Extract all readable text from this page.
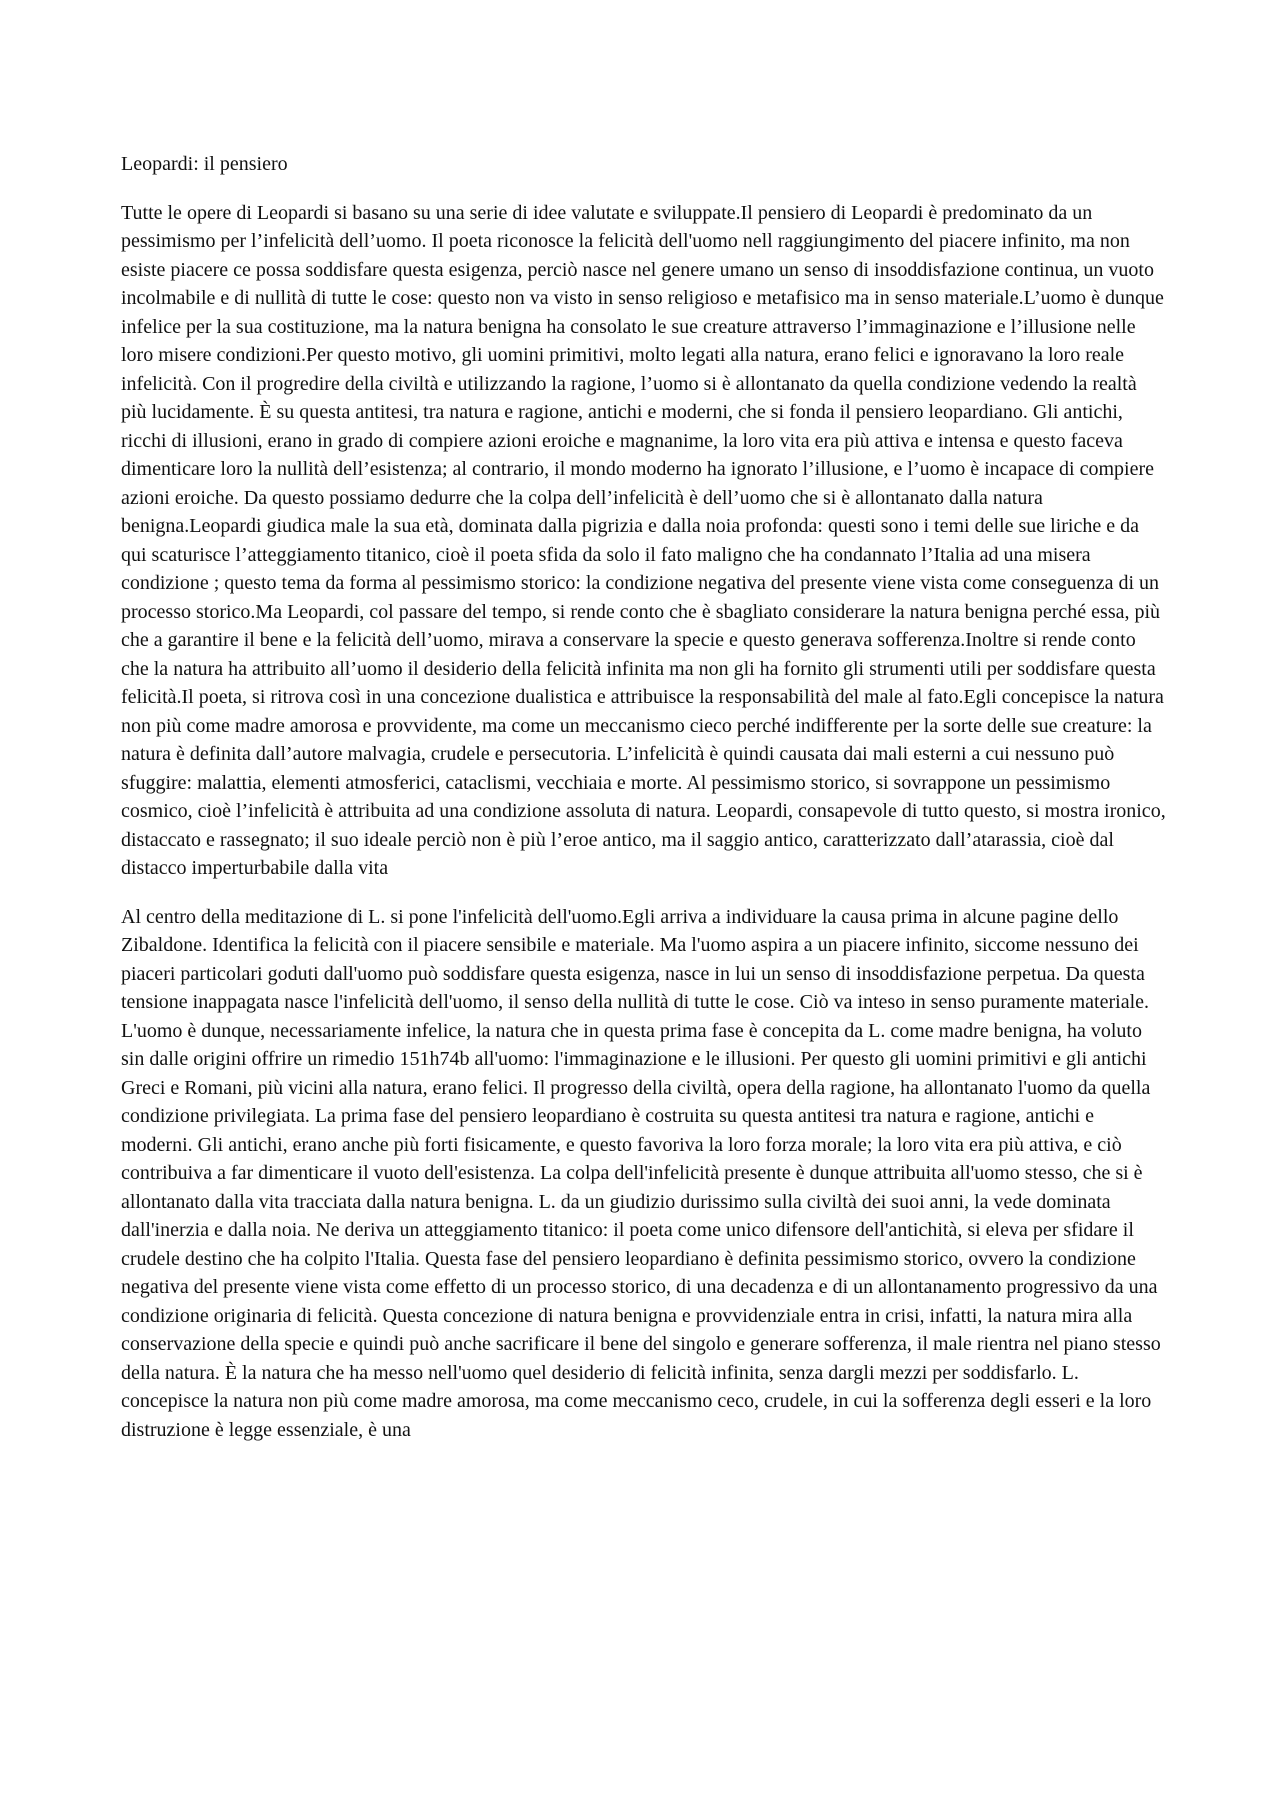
Leopardi: il pensiero
Tutte le opere di Leopardi si basano su una serie di idee valutate e sviluppate.Il pensiero di Leopardi è predominato da un pessimismo per l’infelicità dell’uomo. Il poeta riconosce la felicità dell'uomo nell raggiungimento del piacere infinito, ma non esiste piacere ce possa soddisfare questa esigenza, perciò nasce nel genere umano un senso di insoddisfazione continua, un vuoto incolmabile e di nullità di tutte le cose: questo non va visto in senso religioso e metafisico ma in senso materiale.L’uomo è dunque infelice per la sua costituzione, ma la natura benigna ha consolato le sue creature attraverso l’immaginazione e l’illusione nelle loro misere condizioni.Per questo motivo, gli uomini primitivi, molto legati alla natura, erano felici e ignoravano la loro reale infelicità. Con il progredire della civiltà e utilizzando la ragione, l’uomo si è allontanato da quella condizione vedendo la realtà più lucidamente. È su questa antitesi, tra natura e ragione, antichi e moderni, che si fonda il pensiero leopardiano. Gli antichi, ricchi di illusioni, erano in grado di compiere azioni eroiche e magnanime, la loro vita era più attiva e intensa e questo faceva dimenticare loro la nullità dell’esistenza; al contrario, il mondo moderno ha ignorato l’illusione, e l’uomo è incapace di compiere azioni eroiche. Da questo possiamo dedurre che la colpa dell’infelicità è dell’uomo che si è allontanato dalla natura benigna.Leopardi giudica male la sua età, dominata dalla pigrizia e dalla noia profonda: questi sono i temi delle sue liriche e da qui scaturisce l’atteggiamento titanico, cioè il poeta sfida da solo il fato maligno che ha condannato l’Italia ad una misera condizione ; questo tema da forma al pessimismo storico: la condizione negativa del presente viene vista come conseguenza di un processo storico.Ma Leopardi, col passare del tempo, si rende conto che è sbagliato considerare la natura benigna perché essa, più che a garantire il bene e la felicità dell’uomo, mirava a conservare la specie e questo generava sofferenza.Inoltre si rende conto che la natura ha attribuito all’uomo il desiderio della felicità infinita ma non gli ha fornito gli strumenti utili per soddisfare questa felicità.Il poeta, si ritrova così in una concezione dualistica e attribuisce la responsabilità del male al fato.Egli concepisce la natura non più come madre amorosa e provvidente, ma come un meccanismo cieco perché indifferente per la sorte delle sue creature: la natura è definita dall’autore malvagia, crudele e persecutoria. L’infelicità è quindi causata dai mali esterni a cui nessuno può sfuggire: malattia, elementi atmosferici, cataclismi, vecchiaia e morte. Al pessimismo storico, si sovrappone un pessimismo cosmico, cioè l’infelicità è attribuita ad una condizione assoluta di natura. Leopardi, consapevole di tutto questo, si mostra ironico, distaccato e rassegnato; il suo ideale perciò non è più l’eroe antico, ma il saggio antico, caratterizzato dall’atarassia, cioè dal distacco imperturbabile dalla vita
Al centro della meditazione di L. si pone l'infelicità dell'uomo.Egli arriva a individuare la causa prima in alcune pagine dello Zibaldone. Identifica la felicità con il piacere sensibile e materiale. Ma l'uomo aspira a un piacere infinito, siccome nessuno dei piaceri particolari goduti dall'uomo può soddisfare questa esigenza, nasce in lui un senso di insoddisfazione perpetua. Da questa tensione inappagata nasce l'infelicità dell'uomo, il senso della nullità di tutte le cose. Ciò va inteso in senso puramente materiale. L'uomo è dunque, necessariamente infelice, la natura che in questa prima fase è concepita da L. come madre benigna, ha voluto sin dalle origini offrire un rimedio 151h74b all'uomo: l'immaginazione e le illusioni. Per questo gli uomini primitivi e gli antichi Greci e Romani, più vicini alla natura, erano felici. Il progresso della civiltà, opera della ragione, ha allontanato l'uomo da quella condizione privilegiata. La prima fase del pensiero leopardiano è costruita su questa antitesi tra natura e ragione, antichi e moderni. Gli antichi, erano anche più forti fisicamente, e questo favoriva la loro forza morale; la loro vita era più attiva, e ciò contribuiva a far dimenticare il vuoto dell'esistenza. La colpa dell'infelicità presente è dunque attribuita all'uomo stesso, che si è allontanato dalla vita tracciata dalla natura benigna. L. da un giudizio durissimo sulla civiltà dei suoi anni, la vede dominata dall'inerzia e dalla noia. Ne deriva un atteggiamento titanico: il poeta come unico difensore dell'antichità, si eleva per sfidare il crudele destino che ha colpito l'Italia. Questa fase del pensiero leopardiano è definita pessimismo storico, ovvero la condizione negativa del presente viene vista come effetto di un processo storico, di una decadenza e di un allontanamento progressivo da una condizione originaria di felicità. Questa concezione di natura benigna e provvidenziale entra in crisi, infatti, la natura mira alla conservazione della specie e quindi può anche sacrificare il bene del singolo e generare sofferenza, il male rientra nel piano stesso della natura. È la natura che ha messo nell'uomo quel desiderio di felicità infinita, senza dargli mezzi per soddisfarlo. L. concepisce la natura non più come madre amorosa, ma come meccanismo ceco, crudele, in cui la sofferenza degli esseri e la loro distruzione è legge essenziale, è una
